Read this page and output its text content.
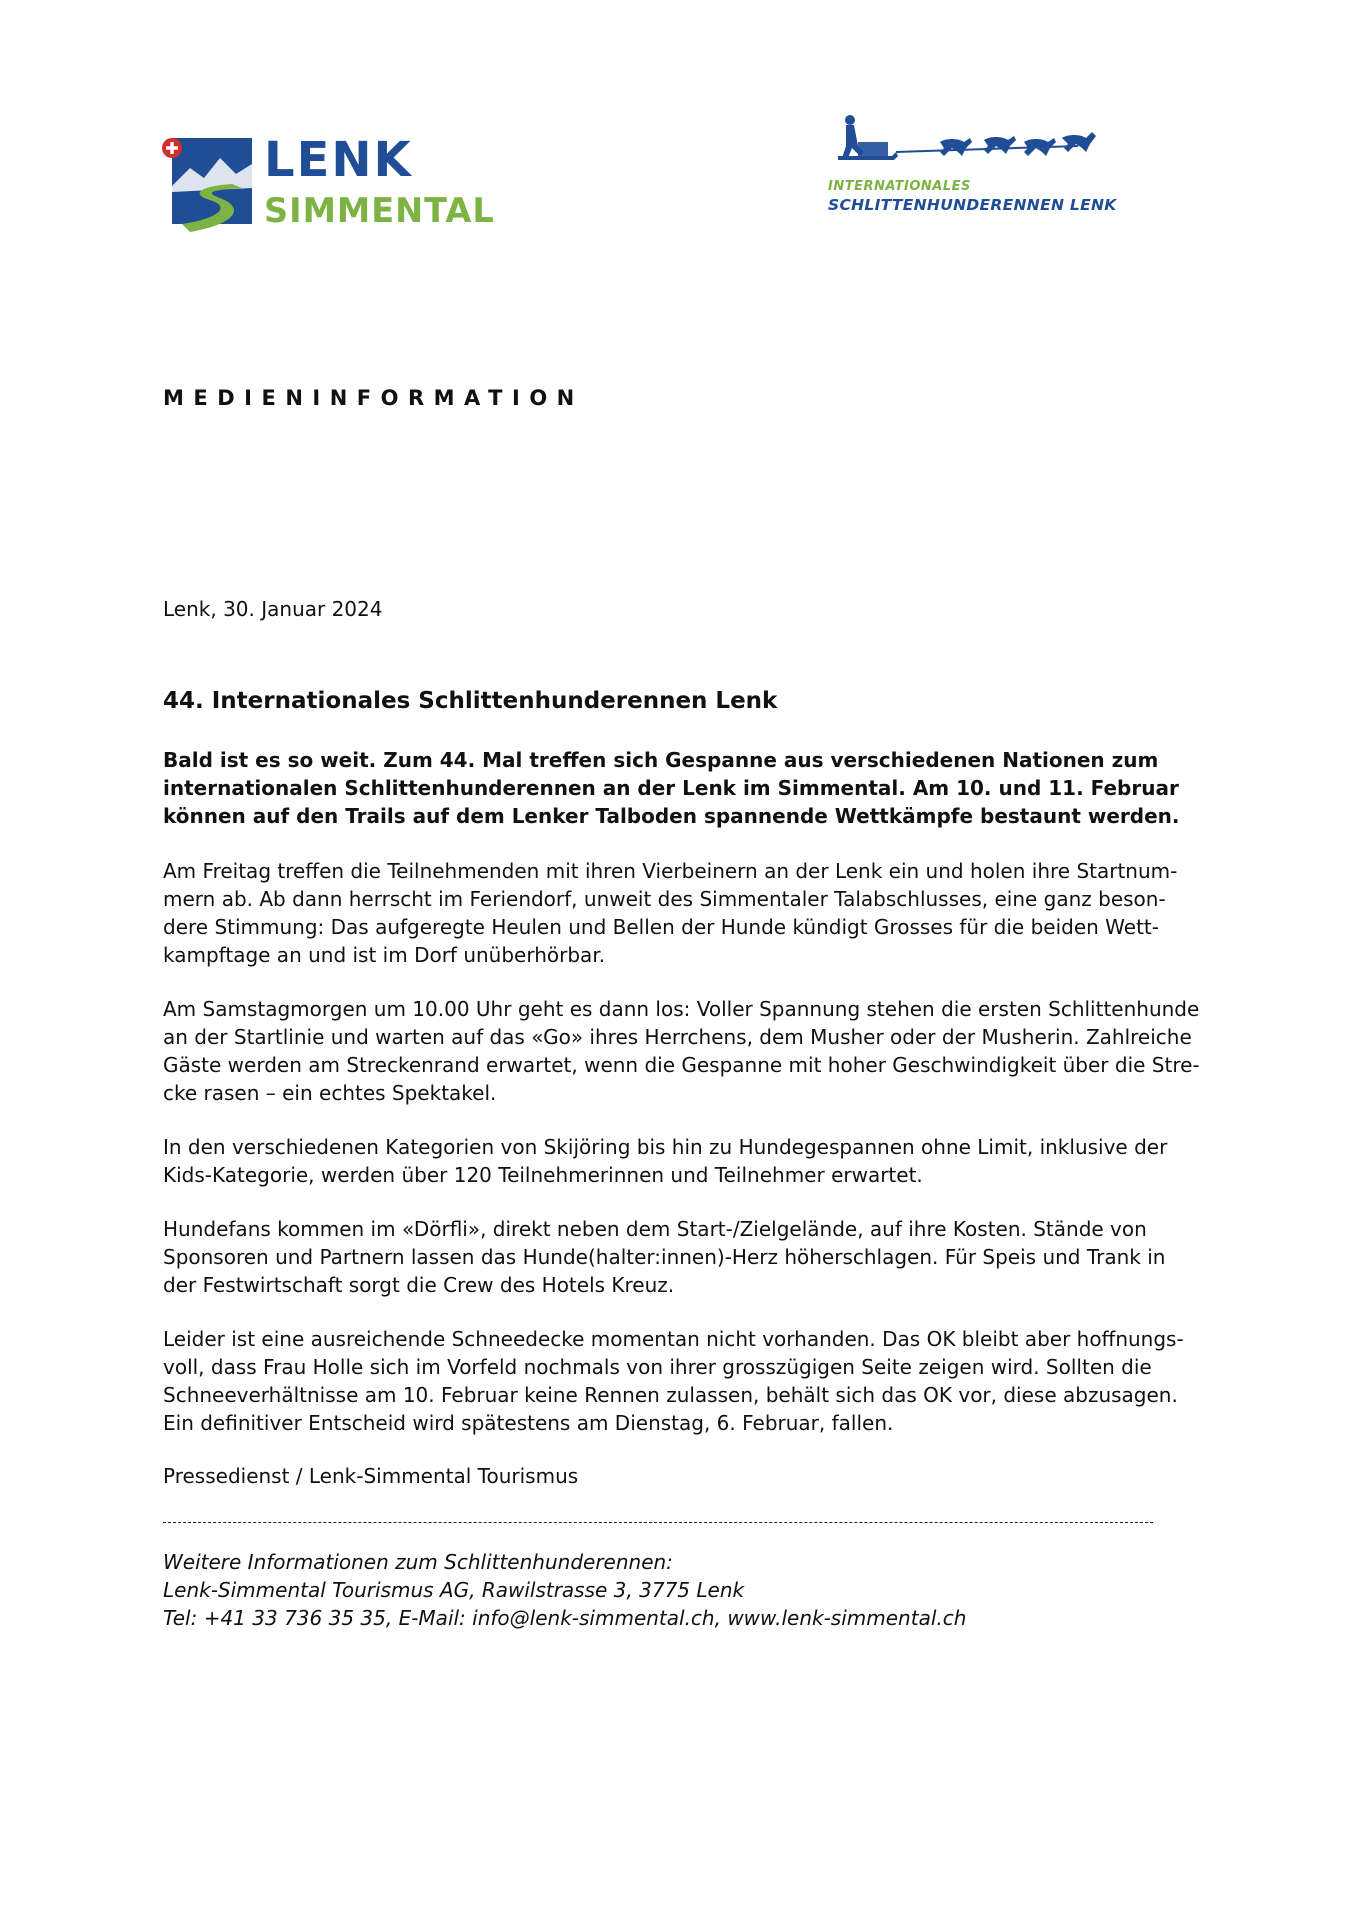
LENK
SIMMENTAL
INTERNATIONALES
SCHLITTENHUNDERENNEN LENK
MEDIENINFORMATION
Lenk, 30. Januar 2024
44. Internationales Schlittenhunderennen Lenk
Bald ist es so weit. Zum 44. Mal treffen sich Gespanne aus verschiedenen Nationen zum
internationalen Schlittenhunderennen an der Lenk im Simmental. Am 10. und 11. Februar
können auf den Trails auf dem Lenker Talboden spannende Wettkämpfe bestaunt werden.
Am Freitag treffen die Teilnehmenden mit ihren Vierbeinern an der Lenk ein und holen ihre Startnum-
mern ab. Ab dann herrscht im Feriendorf, unweit des Simmentaler Talabschlusses, eine ganz beson-
dere Stimmung: Das aufgeregte Heulen und Bellen der Hunde kündigt Grosses für die beiden Wett-
kampftage an und ist im Dorf unüberhörbar.
Am Samstagmorgen um 10.00 Uhr geht es dann los: Voller Spannung stehen die ersten Schlittenhunde
an der Startlinie und warten auf das «Go» ihres Herrchens, dem Musher oder der Musherin. Zahlreiche
Gäste werden am Streckenrand erwartet, wenn die Gespanne mit hoher Geschwindigkeit über die Stre-
cke rasen – ein echtes Spektakel.
In den verschiedenen Kategorien von Skijöring bis hin zu Hundegespannen ohne Limit, inklusive der
Kids-Kategorie, werden über 120 Teilnehmerinnen und Teilnehmer erwartet.
Hundefans kommen im «Dörfli», direkt neben dem Start-/Zielgelände, auf ihre Kosten. Stände von
Sponsoren und Partnern lassen das Hunde(halter:innen)-Herz höherschlagen. Für Speis und Trank in
der Festwirtschaft sorgt die Crew des Hotels Kreuz.
Leider ist eine ausreichende Schneedecke momentan nicht vorhanden. Das OK bleibt aber hoffnungs-
voll, dass Frau Holle sich im Vorfeld nochmals von ihrer grosszügigen Seite zeigen wird. Sollten die
Schneeverhältnisse am 10. Februar keine Rennen zulassen, behält sich das OK vor, diese abzusagen.
Ein definitiver Entscheid wird spätestens am Dienstag, 6. Februar, fallen.
Pressedienst / Lenk-Simmental Tourismus
Weitere Informationen zum Schlittenhunderennen:
Lenk-Simmental Tourismus AG, Rawilstrasse 3, 3775 Lenk
Tel: +41 33 736 35 35, E-Mail: info@lenk-simmental.ch, www.lenk-simmental.ch
